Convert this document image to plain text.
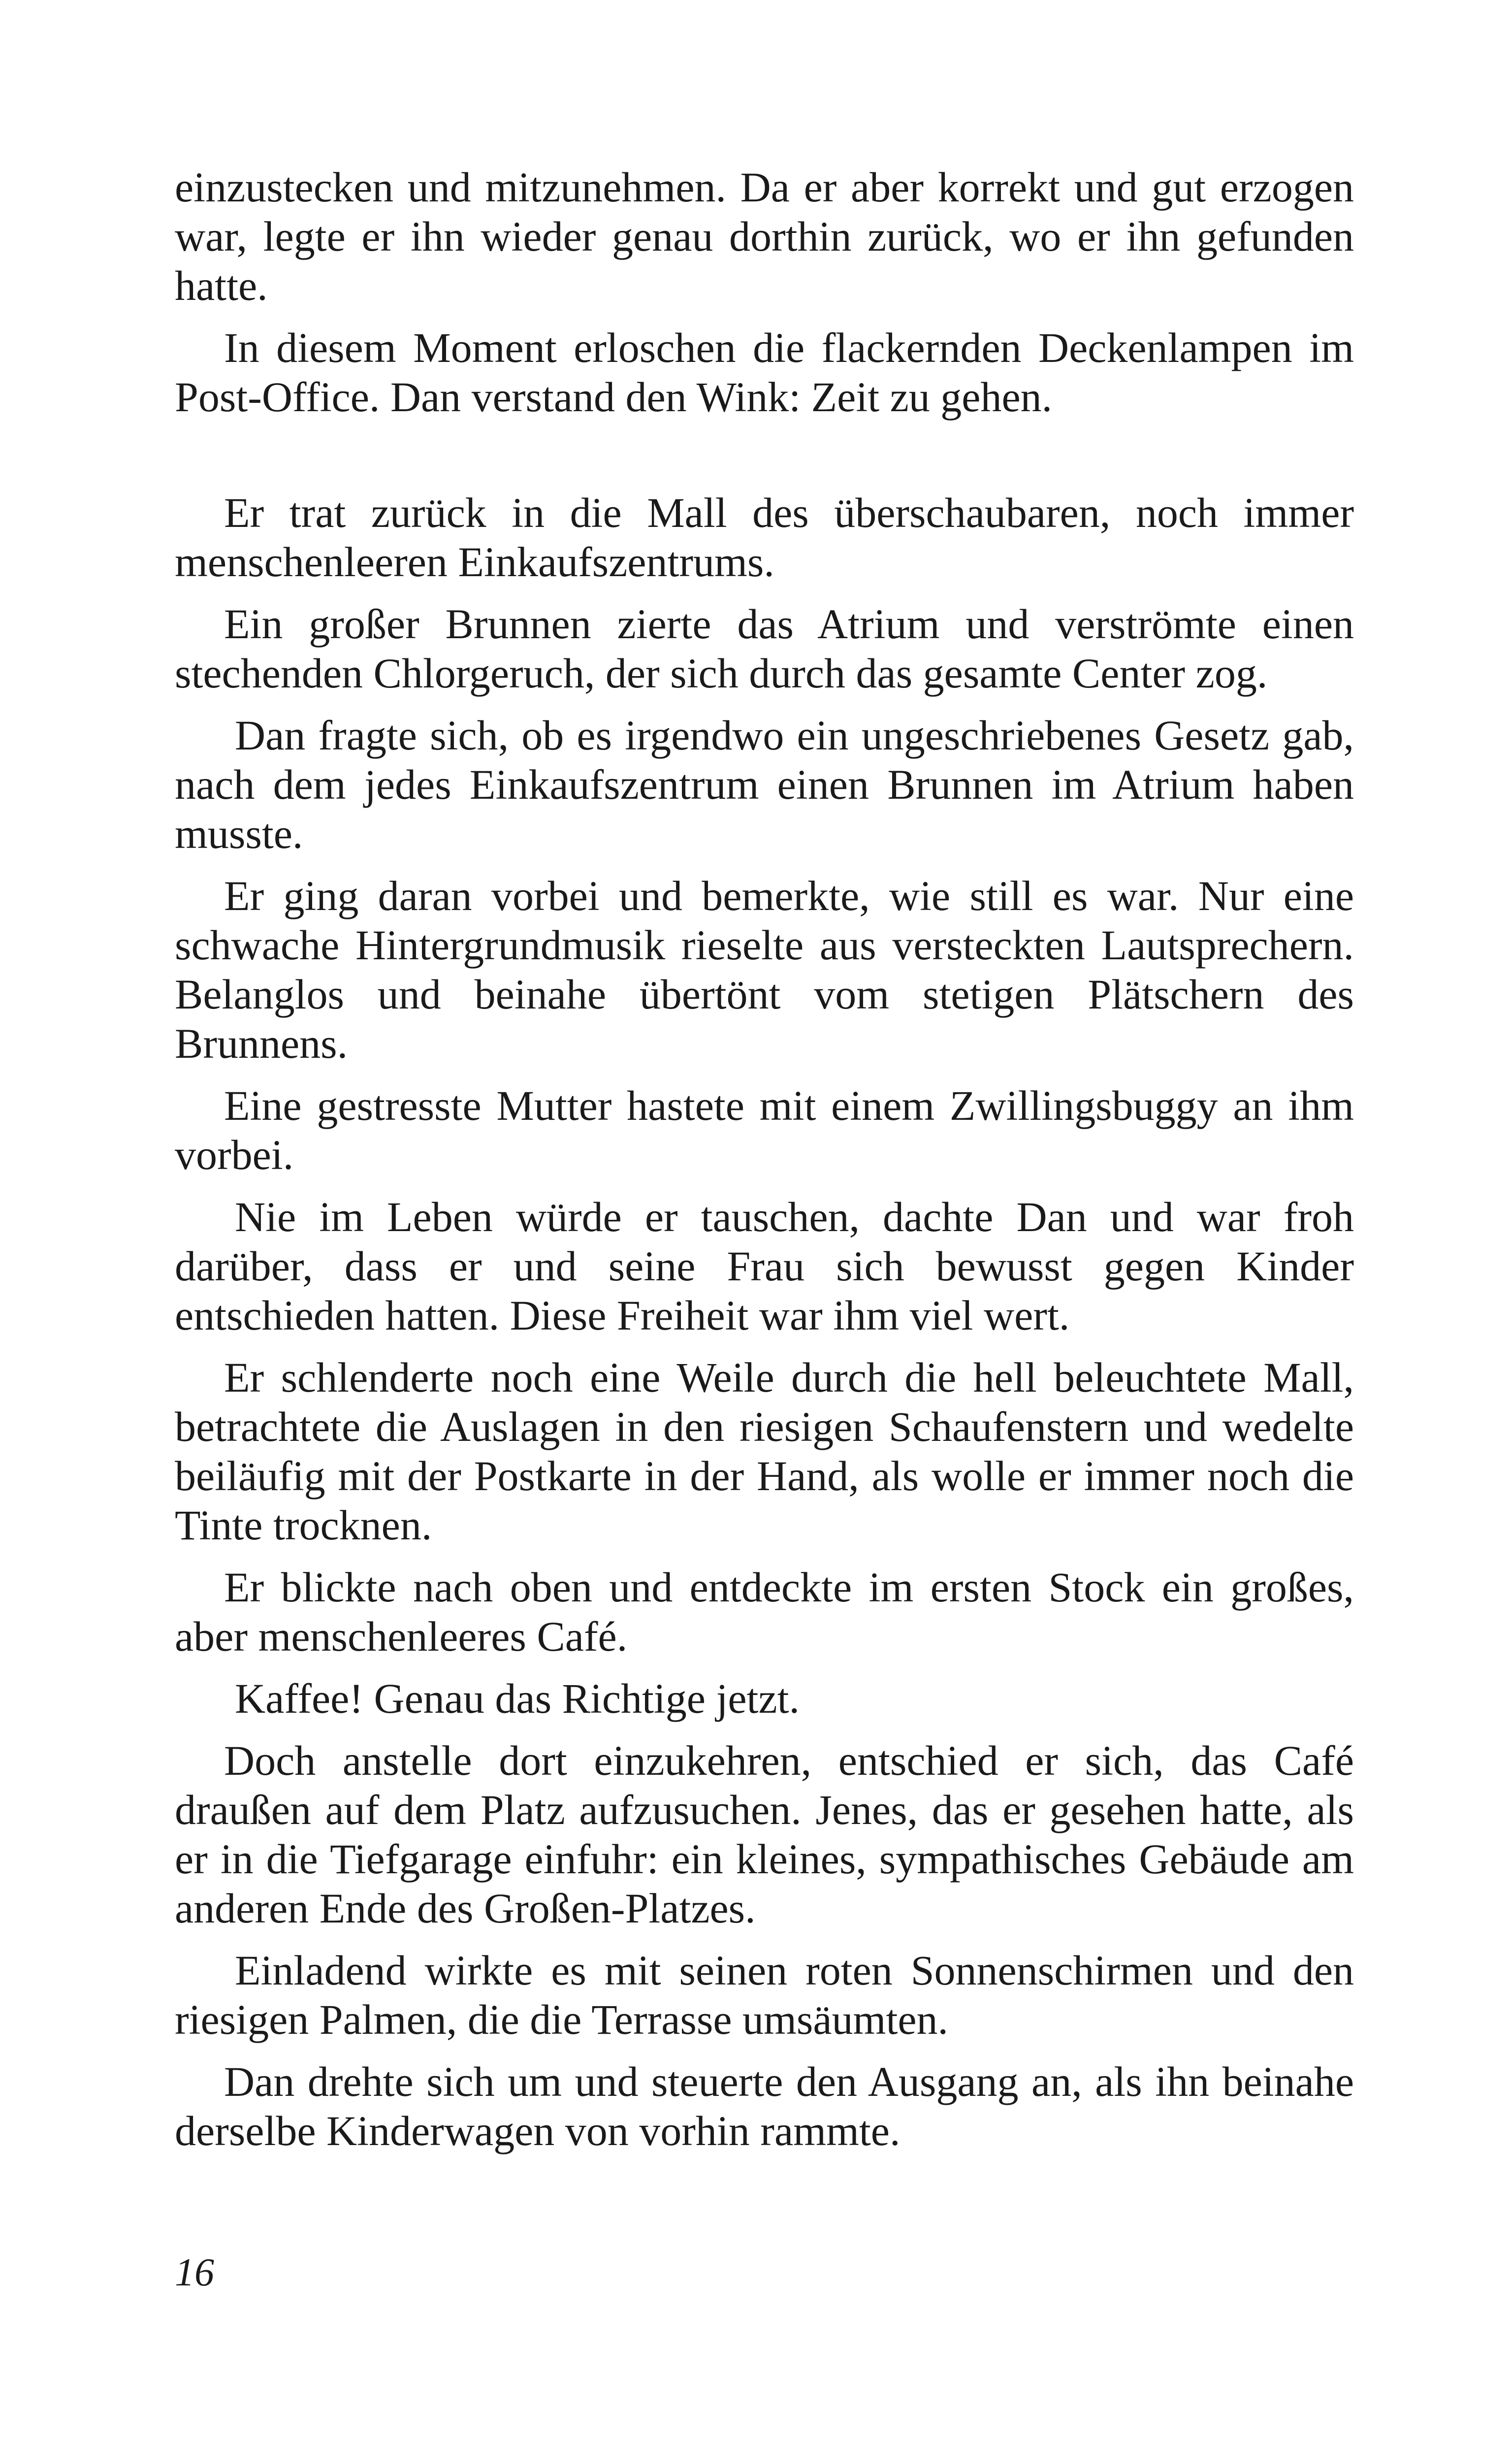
einzustecken und mitzunehmen. Da er aber korrekt und gut erzogen war, legte er ihn wieder genau dorthin zurück, wo er ihn gefunden hatte.

In diesem Moment erloschen die flackernden Deckenlampen im Post-Office. Dan verstand den Wink: Zeit zu gehen.

Er trat zurück in die Mall des überschaubaren, noch immer menschenleeren Einkaufszentrums.

Ein großer Brunnen zierte das Atrium und verströmte einen stechenden Chlorgeruch, der sich durch das gesamte Center zog.

Dan fragte sich, ob es irgendwo ein ungeschriebenes Gesetz gab, nach dem jedes Einkaufszentrum einen Brunnen im Atrium haben musste.

Er ging daran vorbei und bemerkte, wie still es war. Nur eine schwache Hintergrundmusik rieselte aus versteckten Lautsprechern. Belanglos und beinahe übertönt vom stetigen Plätschern des Brunnens.

Eine gestresste Mutter hastete mit einem Zwillingsbuggy an ihm vorbei.

Nie im Leben würde er tauschen, dachte Dan und war froh darüber, dass er und seine Frau sich bewusst gegen Kinder entschieden hatten. Diese Freiheit war ihm viel wert.

Er schlenderte noch eine Weile durch die hell beleuchtete Mall, betrachtete die Auslagen in den riesigen Schaufenstern und wedelte beiläufig mit der Postkarte in der Hand, als wolle er immer noch die Tinte trocknen.

Er blickte nach oben und entdeckte im ersten Stock ein großes, aber menschenleeres Café.

Kaffee! Genau das Richtige jetzt.

Doch anstelle dort einzukehren, entschied er sich, das Café draußen auf dem Platz aufzusuchen. Jenes, das er gesehen hatte, als er in die Tiefgarage einfuhr: ein kleines, sympathisches Gebäude am anderen Ende des Großen-Platzes.

Einladend wirkte es mit seinen roten Sonnenschirmen und den riesigen Palmen, die die Terrasse umsäumten.

Dan drehte sich um und steuerte den Ausgang an, als ihn beinahe derselbe Kinderwagen von vorhin rammte.

16
